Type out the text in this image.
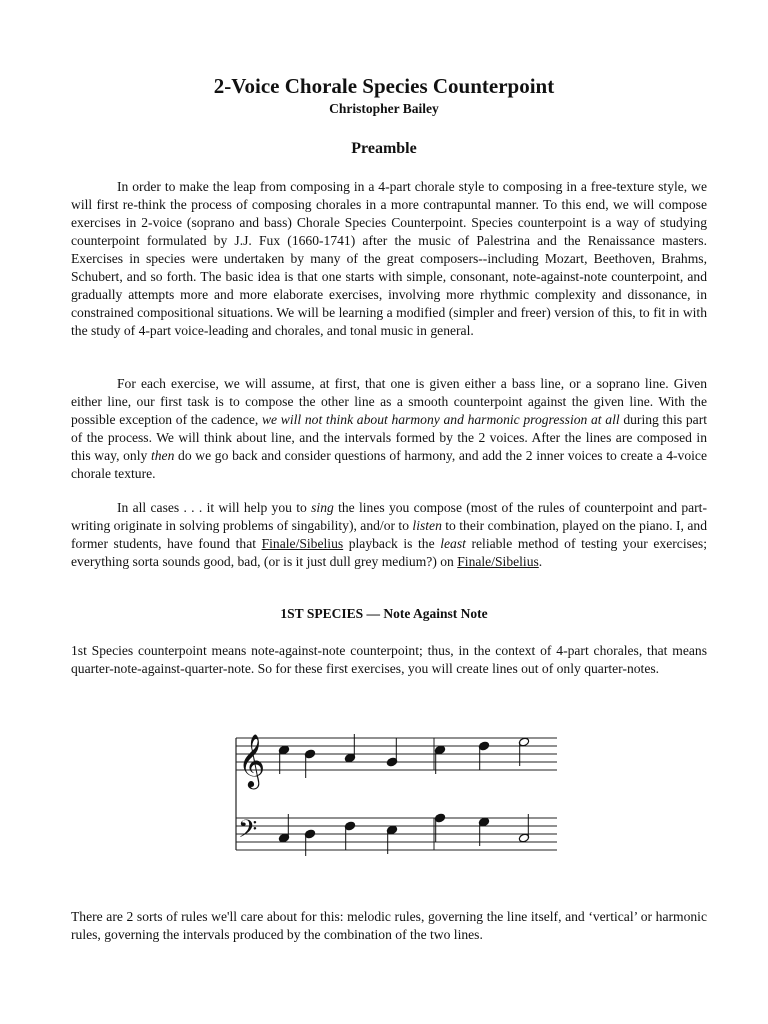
2-Voice Chorale Species Counterpoint

Christopher Bailey

Preamble

In order to make the leap from composing in a 4-part chorale style to composing in a free-texture style, we will first re-think the process of composing chorales in a more contrapuntal manner. To this end, we will compose exercises in 2-voice (soprano and bass) Chorale Species Counterpoint. Species counterpoint is a way of studying counterpoint formulated by J.J. Fux (1660-1741) after the music of Palestrina and the Renaissance masters. Exercises in species were undertaken by many of the great composers--including Mozart, Beethoven, Brahms, Schubert, and so forth. The basic idea is that one starts with simple, consonant, note-against-note counterpoint, and gradually attempts more and more elaborate exercises, involving more rhythmic complexity and dissonance, in constrained compositional situations. We will be learning a modified (simpler and freer) version of this, to fit in with the study of 4-part voice-leading and chorales, and tonal music in general.

For each exercise, we will assume, at first, that one is given either a bass line, or a soprano line. Given either line, our first task is to compose the other line as a smooth counterpoint against the given line. With the possible exception of the cadence, we will not think about harmony and harmonic progression at all during this part of the process. We will think about line, and the intervals formed by the 2 voices. After the lines are composed in this way, only then do we go back and consider questions of harmony, and add the 2 inner voices to create a 4-voice chorale texture.

In all cases . . . it will help you to sing the lines you compose (most of the rules of counterpoint and part-writing originate in solving problems of singability), and/or to listen to their combination, played on the piano. I, and former students, have found that Finale/Sibelius playback is the least reliable method of testing your exercises; everything sorta sounds good, bad, (or is it just dull grey medium?) on Finale/Sibelius.

1ST SPECIES — Note Against Note

1st Species counterpoint means note-against-note counterpoint; thus, in the context of 4-part chorales, that means quarter-note-against-quarter-note. So for these first exercises, you will create lines out of only quarter-notes.

𝄞
𝄢

There are 2 sorts of rules we'll care about for this: melodic rules, governing the line itself, and ‘vertical’ or harmonic rules, governing the intervals produced by the combination of the two lines.
